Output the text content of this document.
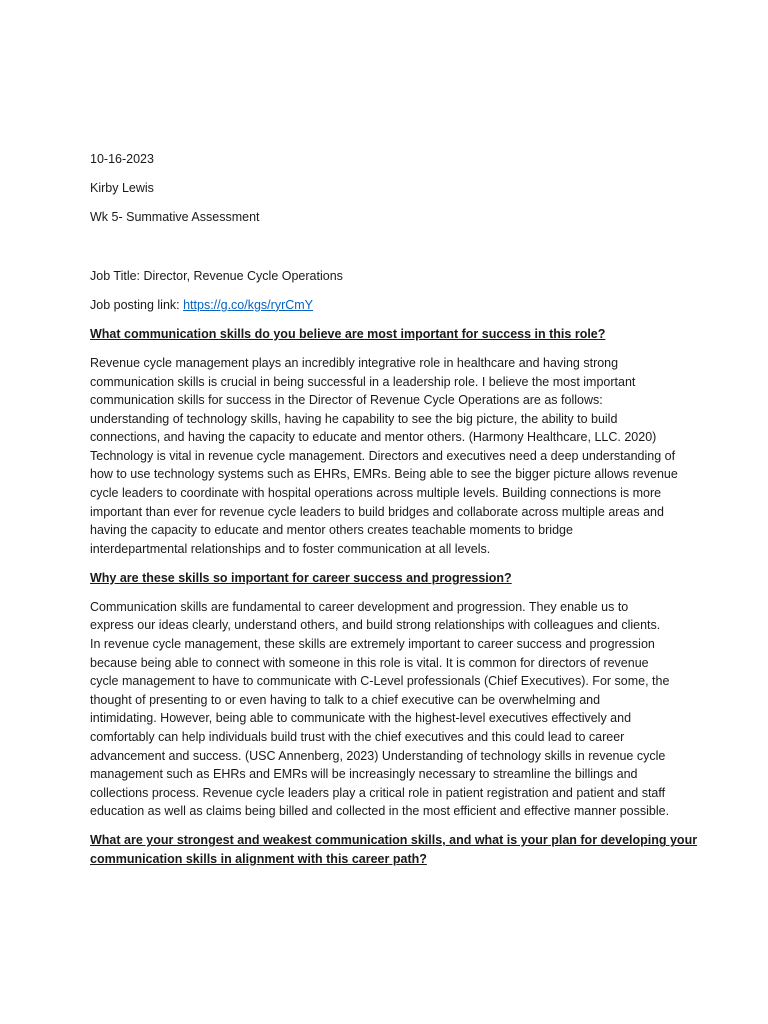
10-16-2023

Kirby Lewis

Wk 5- Summative Assessment

Job Title: Director, Revenue Cycle Operations

Job posting link: https://g.co/kgs/ryrCmY

What communication skills do you believe are most important for success in this role?

Revenue cycle management plays an incredibly integrative role in healthcare and having strong
communication skills is crucial in being successful in a leadership role. I believe the most important
communication skills for success in the Director of Revenue Cycle Operations are as follows:
understanding of technology skills, having he capability to see the big picture, the ability to build
connections, and having the capacity to educate and mentor others. (Harmony Healthcare, LLC. 2020)
Technology is vital in revenue cycle management. Directors and executives need a deep understanding of
how to use technology systems such as EHRs, EMRs. Being able to see the bigger picture allows revenue
cycle leaders to coordinate with hospital operations across multiple levels. Building connections is more
important than ever for revenue cycle leaders to build bridges and collaborate across multiple areas and
having the capacity to educate and mentor others creates teachable moments to bridge
interdepartmental relationships and to foster communication at all levels.

Why are these skills so important for career success and progression?

Communication skills are fundamental to career development and progression. They enable us to
express our ideas clearly, understand others, and build strong relationships with colleagues and clients.
In revenue cycle management, these skills are extremely important to career success and progression
because being able to connect with someone in this role is vital. It is common for directors of revenue
cycle management to have to communicate with C-Level professionals (Chief Executives). For some, the
thought of presenting to or even having to talk to a chief executive can be overwhelming and
intimidating. However, being able to communicate with the highest-level executives effectively and
comfortably can help individuals build trust with the chief executives and this could lead to career
advancement and success. (USC Annenberg, 2023) Understanding of technology skills in revenue cycle
management such as EHRs and EMRs will be increasingly necessary to streamline the billings and
collections process. Revenue cycle leaders play a critical role in patient registration and patient and staff
education as well as claims being billed and collected in the most efficient and effective manner possible.

What are your strongest and weakest communication skills, and what is your plan for developing your
communication skills in alignment with this career path?
